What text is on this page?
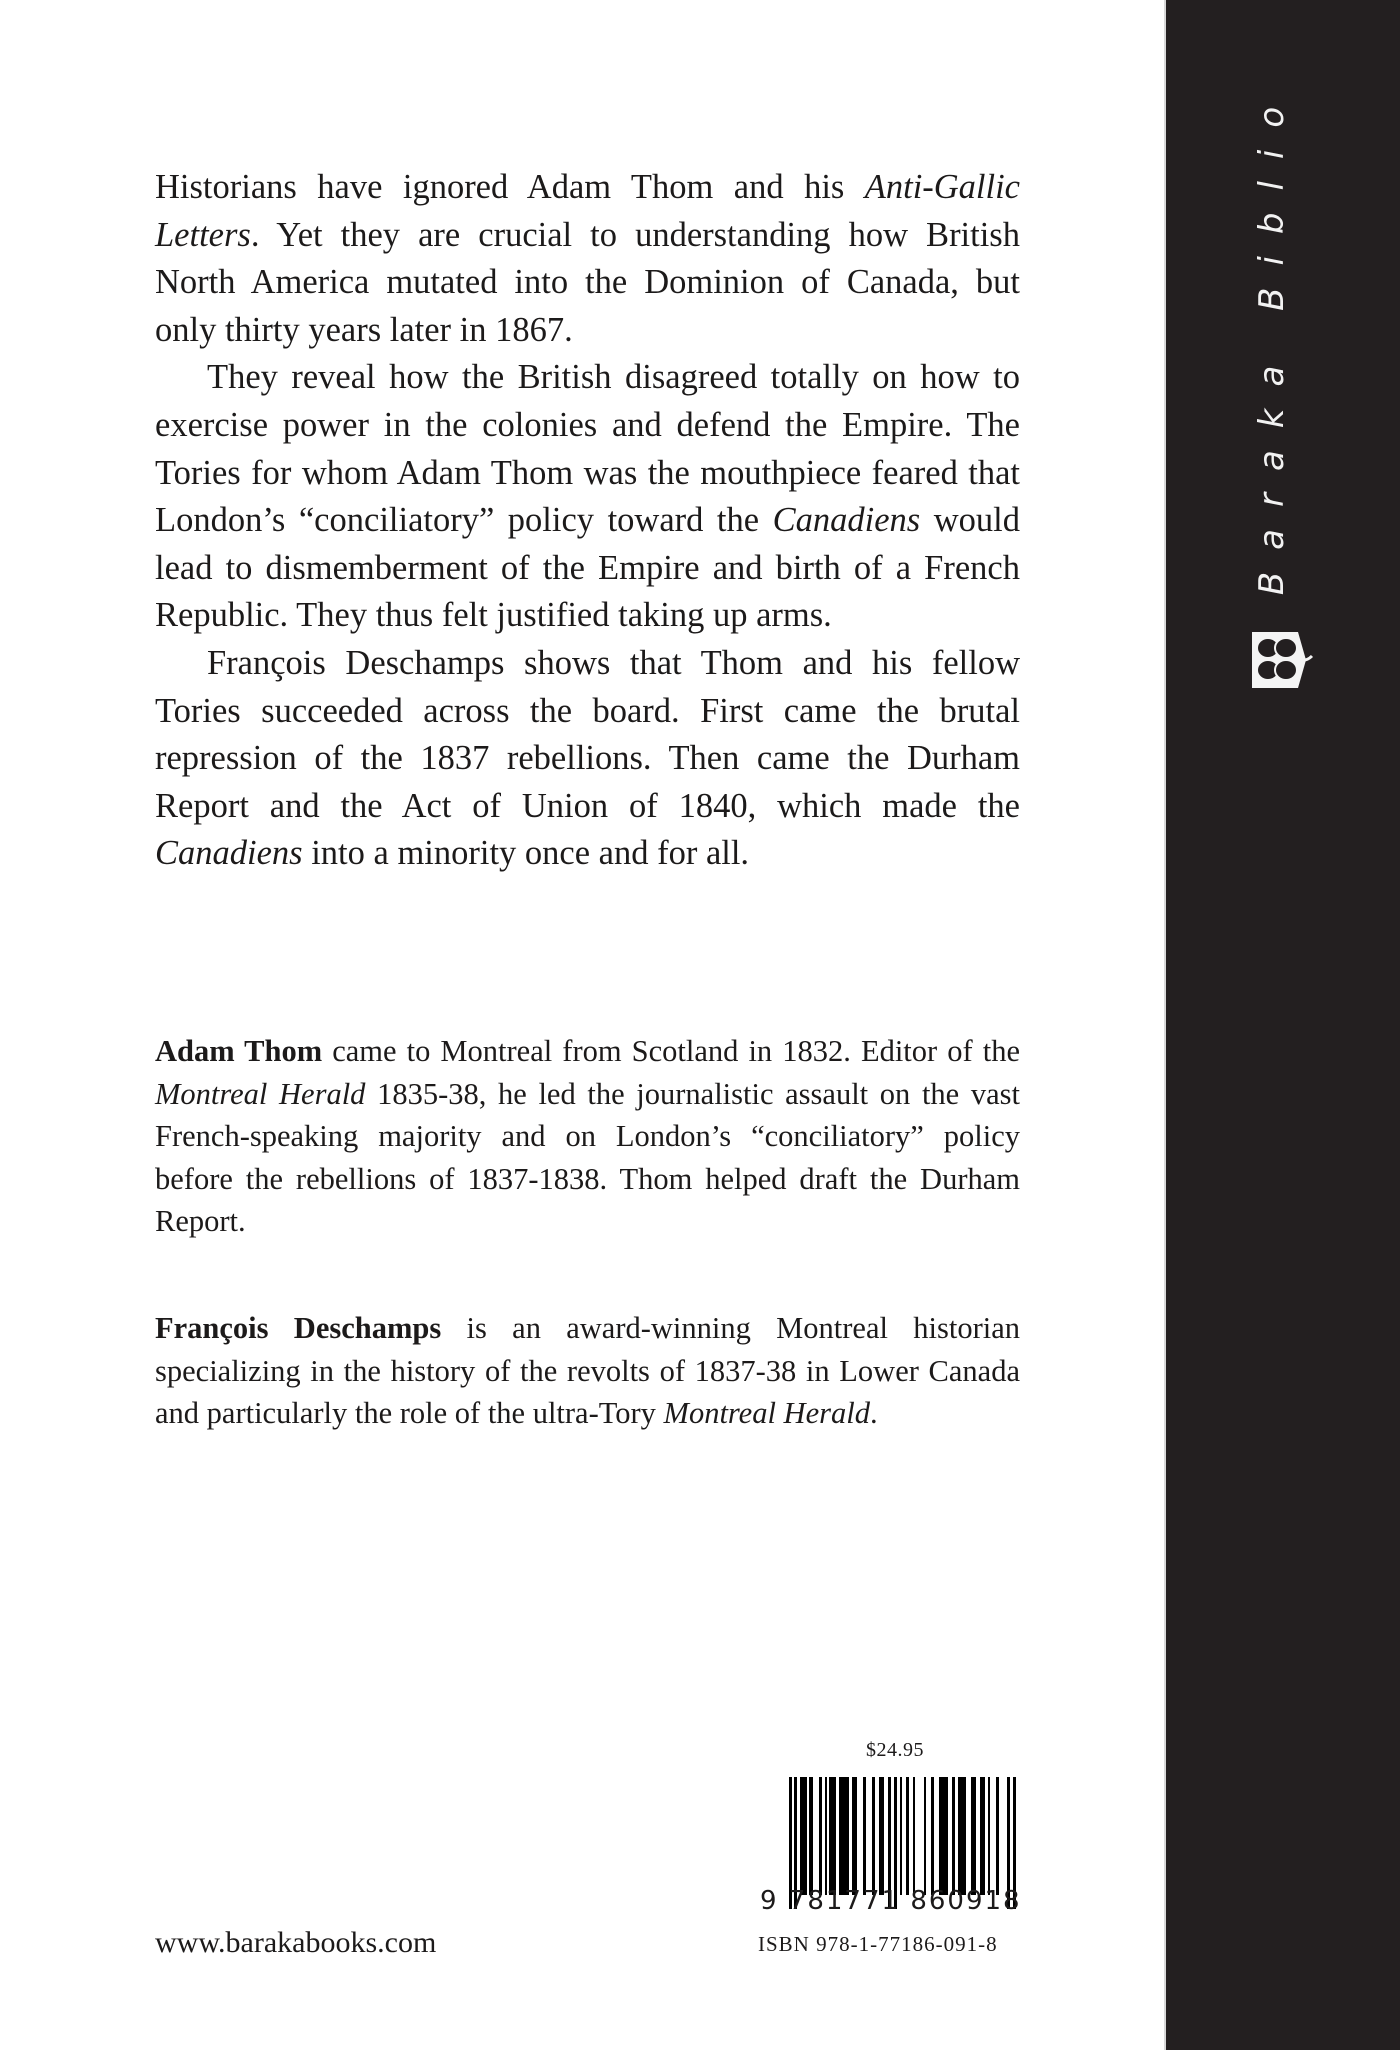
Baraka Biblio

Historians have ignored Adam Thom and his Anti-Gallic Letters. Yet they are crucial to understanding how British North America mutated into the Dominion of Canada, but only thirty years later in 1867.

They reveal how the British disagreed totally on how to exercise power in the colonies and defend the Empire. The Tories for whom Adam Thom was the mouthpiece feared that London’s “conciliatory” policy toward the Canadiens would lead to dismemberment of the Empire and birth of a French Republic. They thus felt justified taking up arms.

François Deschamps shows that Thom and his fellow Tories succeeded across the board. First came the brutal repression of the 1837 rebellions. Then came the Durham Report and the Act of Union of 1840, which made the Canadiens into a minority once and for all.

Adam Thom came to Montreal from Scotland in 1832. Editor of the Montreal Herald 1835-38, he led the journalistic assault on the vast French-speaking majority and on London’s “conciliatory” policy before the rebellions of 1837-1838. Thom helped draft the Durham Report.

François Deschamps is an award-winning Montreal historian specializing in the history of the revolts of 1837-38 in Lower Canada and particularly the role of the ultra-Tory Montreal Herald.

www.barakabooks.com
$24.95
9 781771 860918
ISBN 978-1-77186-091-8
